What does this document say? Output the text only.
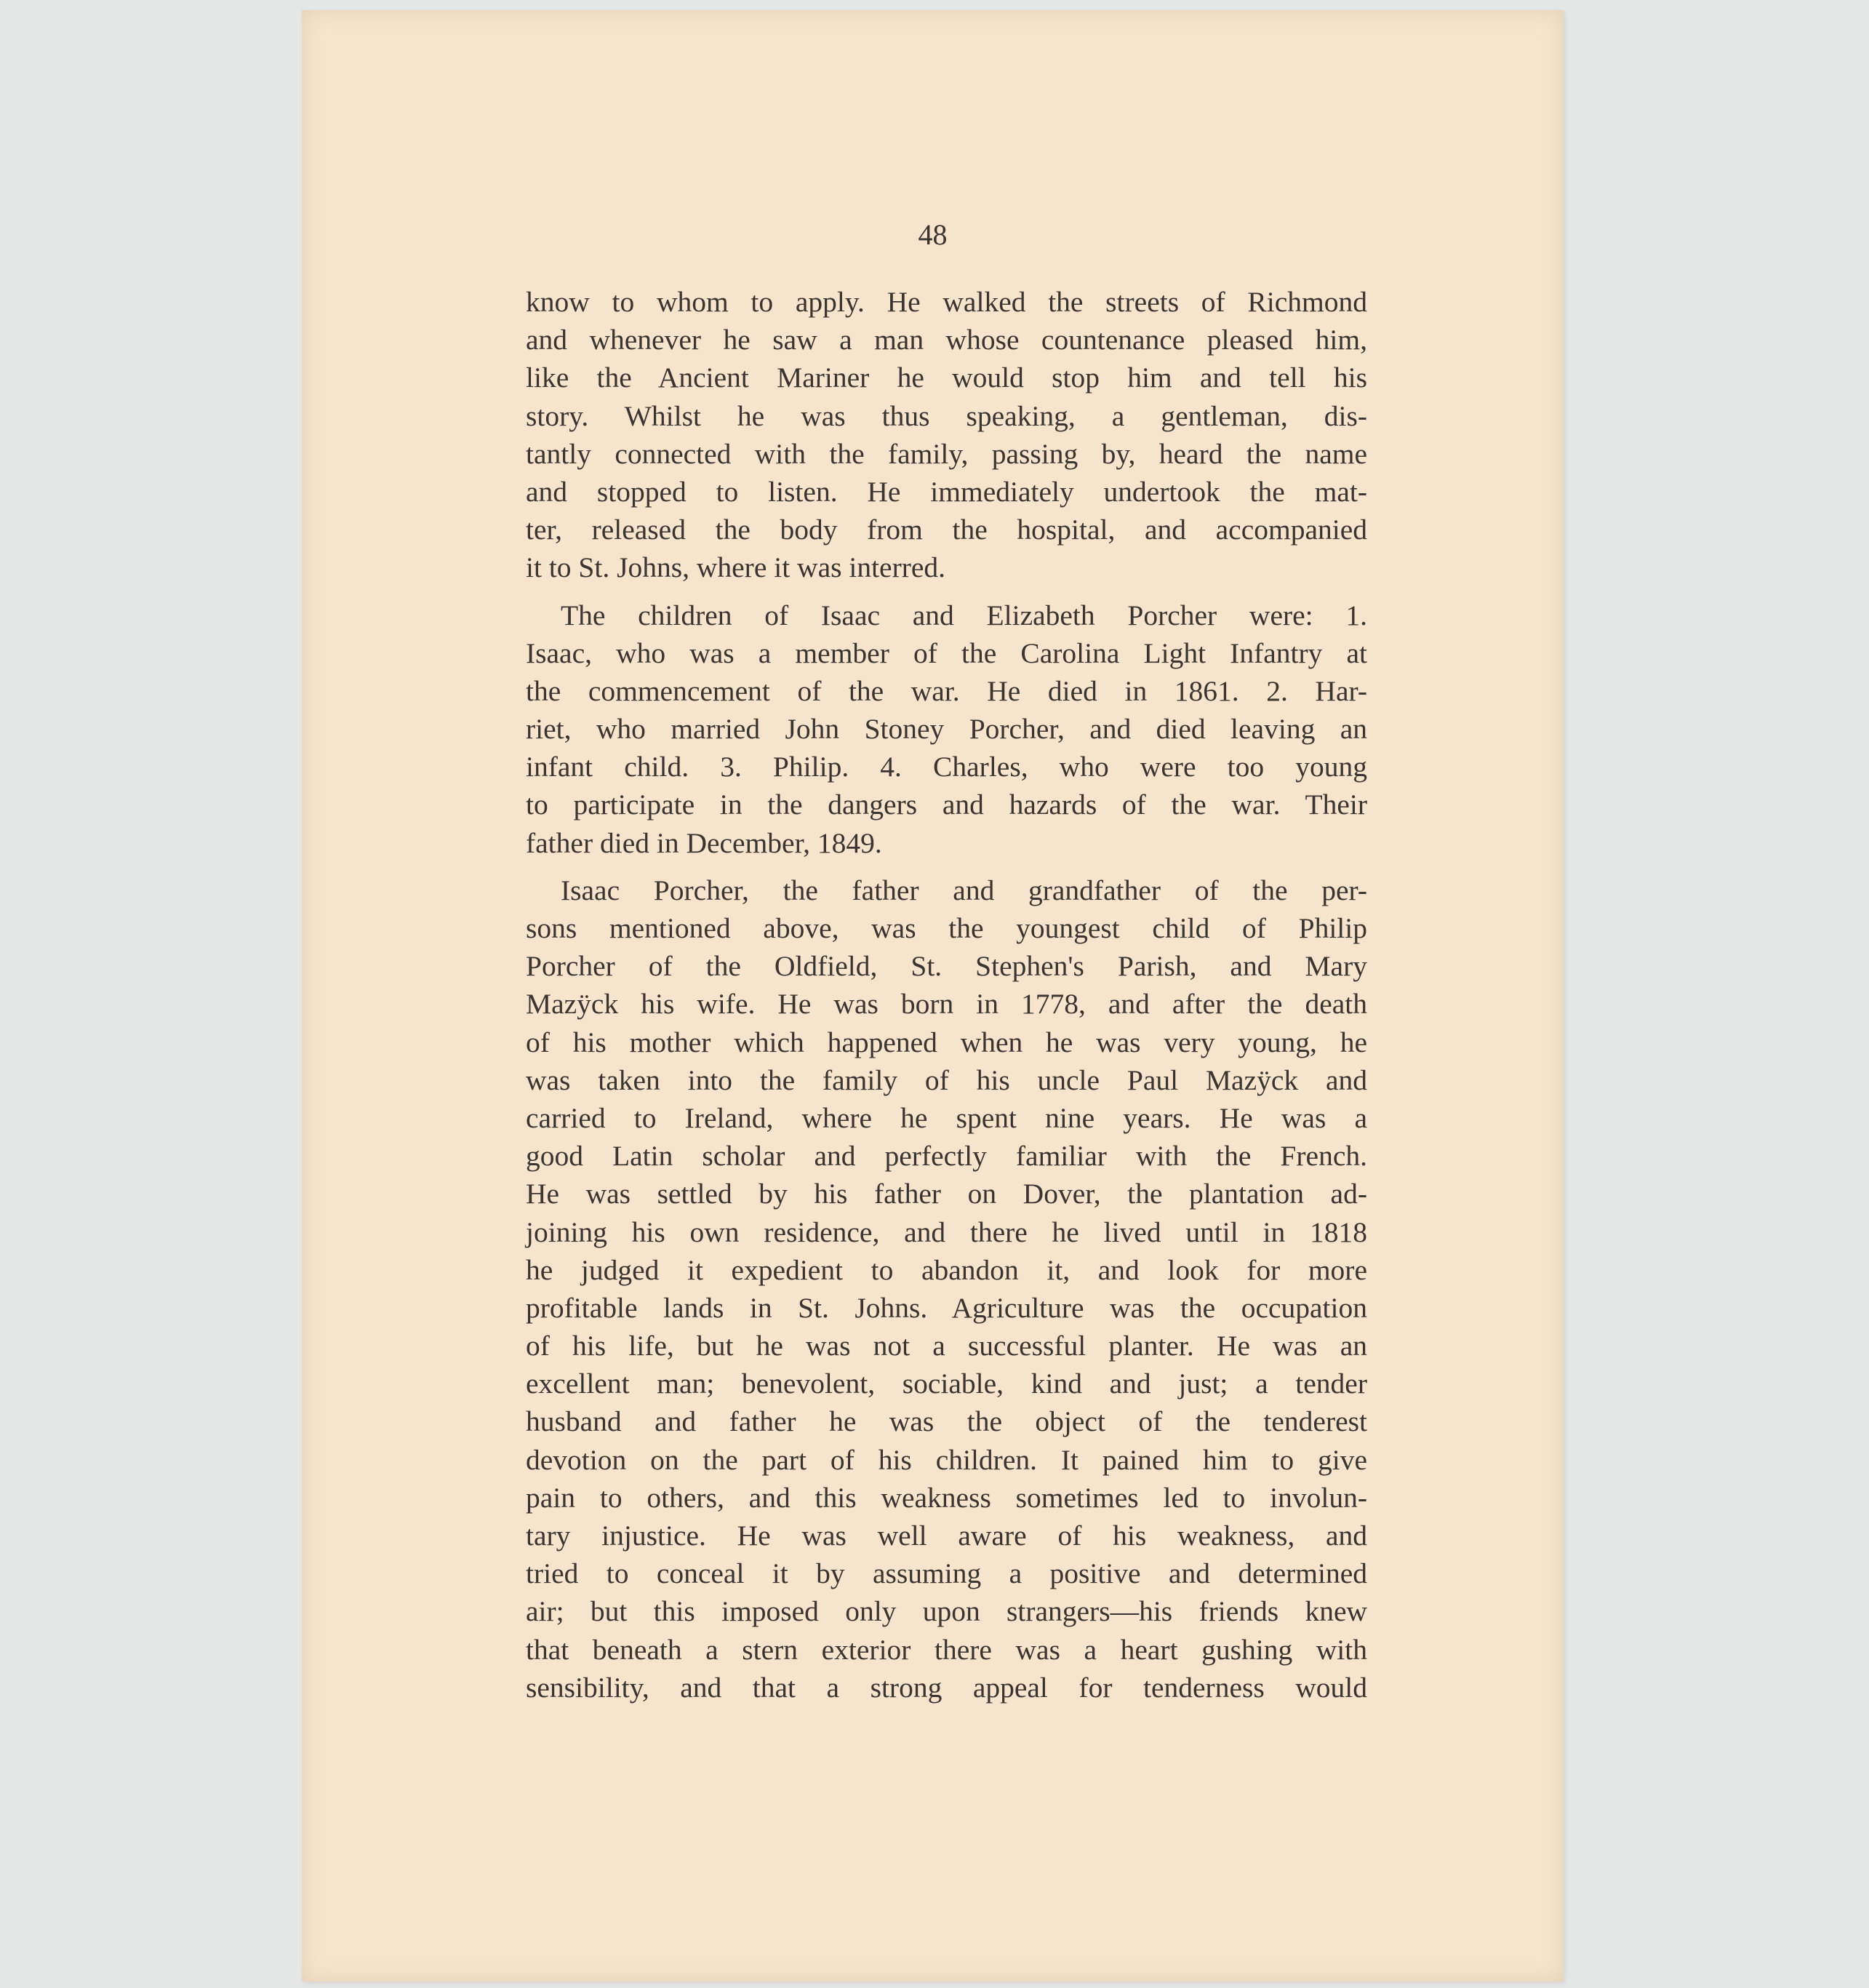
48

know to whom to apply. He walked the streets of Richmond
and whenever he saw a man whose countenance pleased him,
like the Ancient Mariner he would stop him and tell his
story. Whilst he was thus speaking, a gentleman, dis-
tantly connected with the family, passing by, heard the name
and stopped to listen. He immediately undertook the mat-
ter, released the body from the hospital, and accompanied
it to St. Johns, where it was interred.

The children of Isaac and Elizabeth Porcher were: 1.
Isaac, who was a member of the Carolina Light Infantry at
the commencement of the war. He died in 1861. 2. Har-
riet, who married John Stoney Porcher, and died leaving an
infant child. 3. Philip. 4. Charles, who were too young
to participate in the dangers and hazards of the war. Their
father died in December, 1849.

Isaac Porcher, the father and grandfather of the per-
sons mentioned above, was the youngest child of Philip
Porcher of the Oldfield, St. Stephen's Parish, and Mary
Mazÿck his wife. He was born in 1778, and after the death
of his mother which happened when he was very young, he
was taken into the family of his uncle Paul Mazÿck and
carried to Ireland, where he spent nine years. He was a
good Latin scholar and perfectly familiar with the French.
He was settled by his father on Dover, the plantation ad-
joining his own residence, and there he lived until in 1818
he judged it expedient to abandon it, and look for more
profitable lands in St. Johns. Agriculture was the occupation
of his life, but he was not a successful planter. He was an
excellent man; benevolent, sociable, kind and just; a tender
husband and father he was the object of the tenderest
devotion on the part of his children. It pained him to give
pain to others, and this weakness sometimes led to involun-
tary injustice. He was well aware of his weakness, and
tried to conceal it by assuming a positive and determined
air; but this imposed only upon strangers—his friends knew
that beneath a stern exterior there was a heart gushing with
sensibility, and that a strong appeal for tenderness would
